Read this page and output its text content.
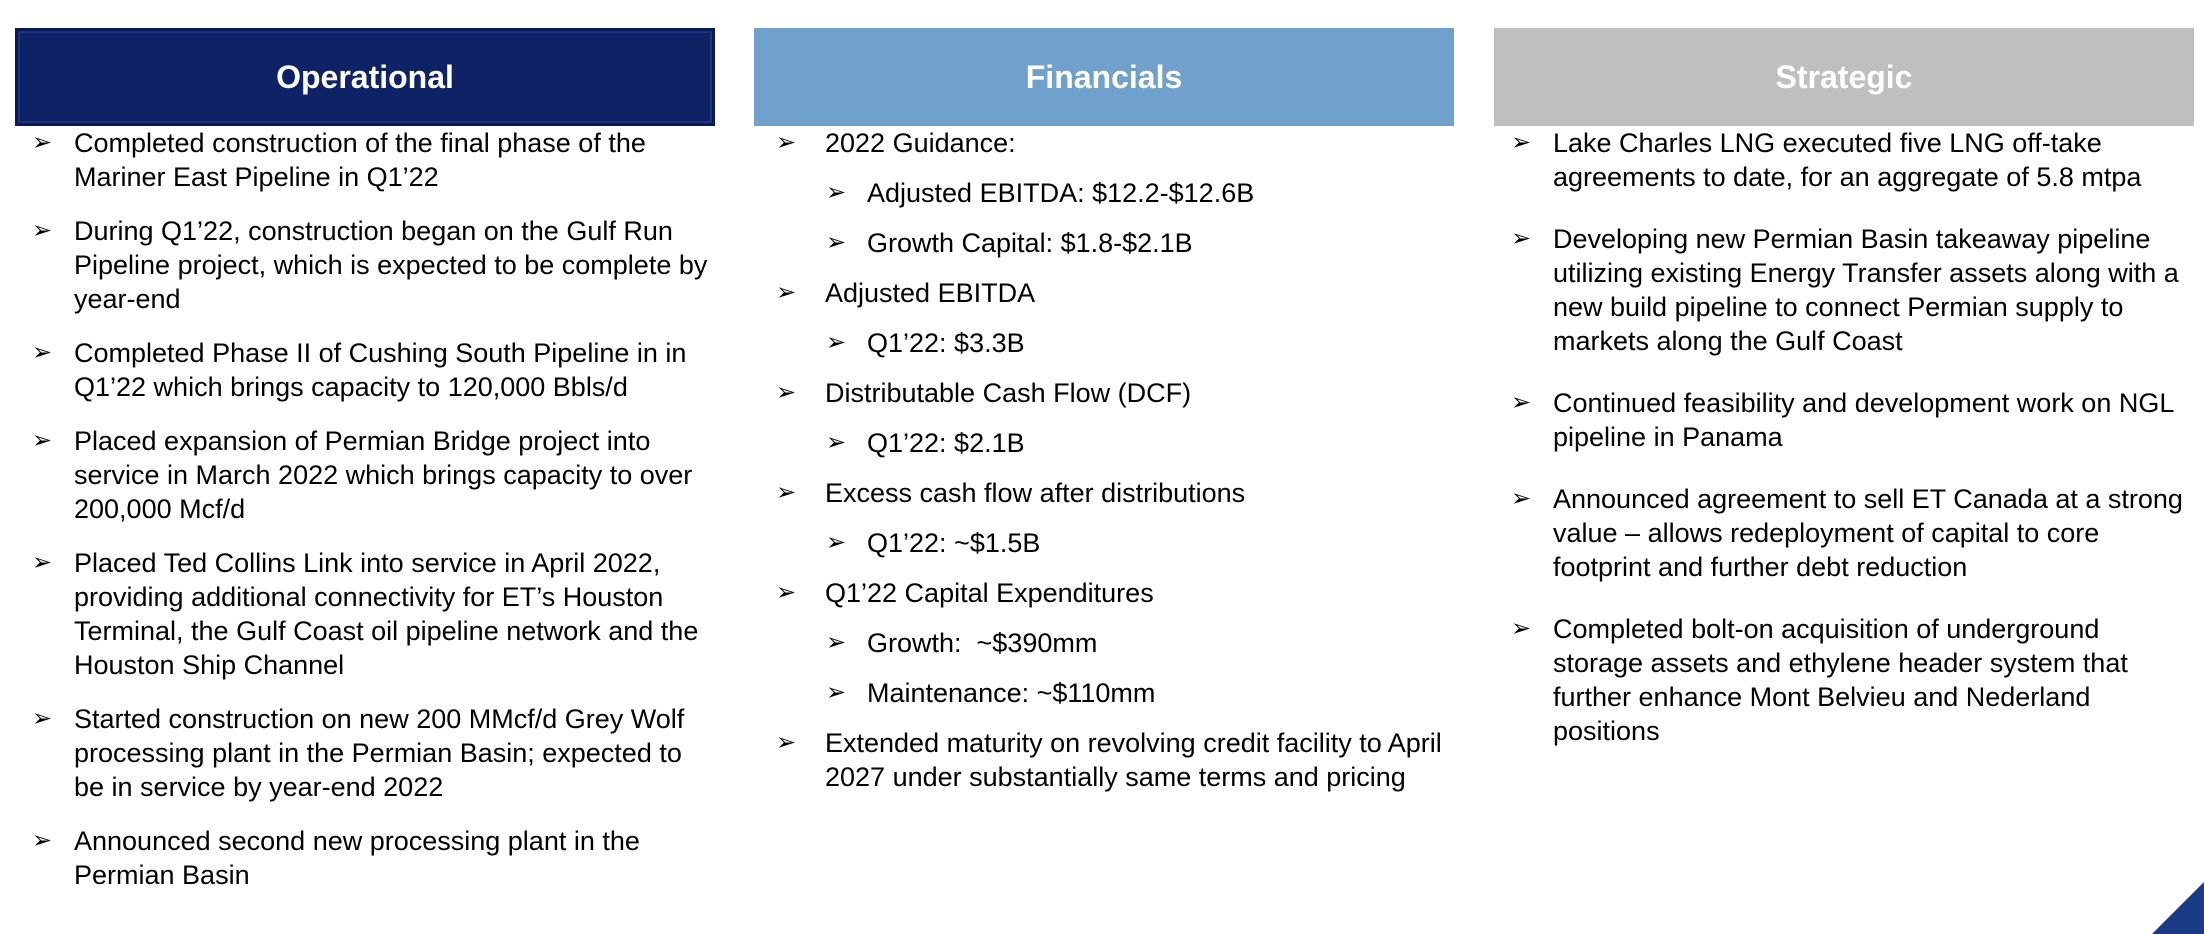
Operational
➢ Completed construction of the final phase of the Mariner East Pipeline in Q1’22
➢ During Q1’22, construction began on the Gulf Run Pipeline project, which is expected to be complete by year-end
➢ Completed Phase II of Cushing South Pipeline in in Q1’22 which brings capacity to 120,000 Bbls/d
➢ Placed expansion of Permian Bridge project into service in March 2022 which brings capacity to over 200,000 Mcf/d
➢ Placed Ted Collins Link into service in April 2022, providing additional connectivity for ET’s Houston Terminal, the Gulf Coast oil pipeline network and the Houston Ship Channel
➢ Started construction on new 200 MMcf/d Grey Wolf processing plant in the Permian Basin; expected to be in service by year-end 2022
➢ Announced second new processing plant in the Permian Basin
Financials
➢ 2022 Guidance:
➢ Adjusted EBITDA: $12.2-$12.6B
➢ Growth Capital: $1.8-$2.1B
➢ Adjusted EBITDA
➢ Q1’22: $3.3B
➢ Distributable Cash Flow (DCF)
➢ Q1’22: $2.1B
➢ Excess cash flow after distributions
➢ Q1’22: ~$1.5B
➢ Q1’22 Capital Expenditures
➢ Growth:  ~$390mm
➢ Maintenance: ~$110mm
➢ Extended maturity on revolving credit facility to April 2027 under substantially same terms and pricing
Strategic
➢ Lake Charles LNG executed five LNG off-take agreements to date, for an aggregate of 5.8 mtpa
➢ Developing new Permian Basin takeaway pipeline utilizing existing Energy Transfer assets along with a new build pipeline to connect Permian supply to markets along the Gulf Coast
➢ Continued feasibility and development work on NGL pipeline in Panama
➢ Announced agreement to sell ET Canada at a strong value – allows redeployment of capital to core footprint and further debt reduction
➢ Completed bolt-on acquisition of underground storage assets and ethylene header system that further enhance Mont Belvieu and Nederland positions
